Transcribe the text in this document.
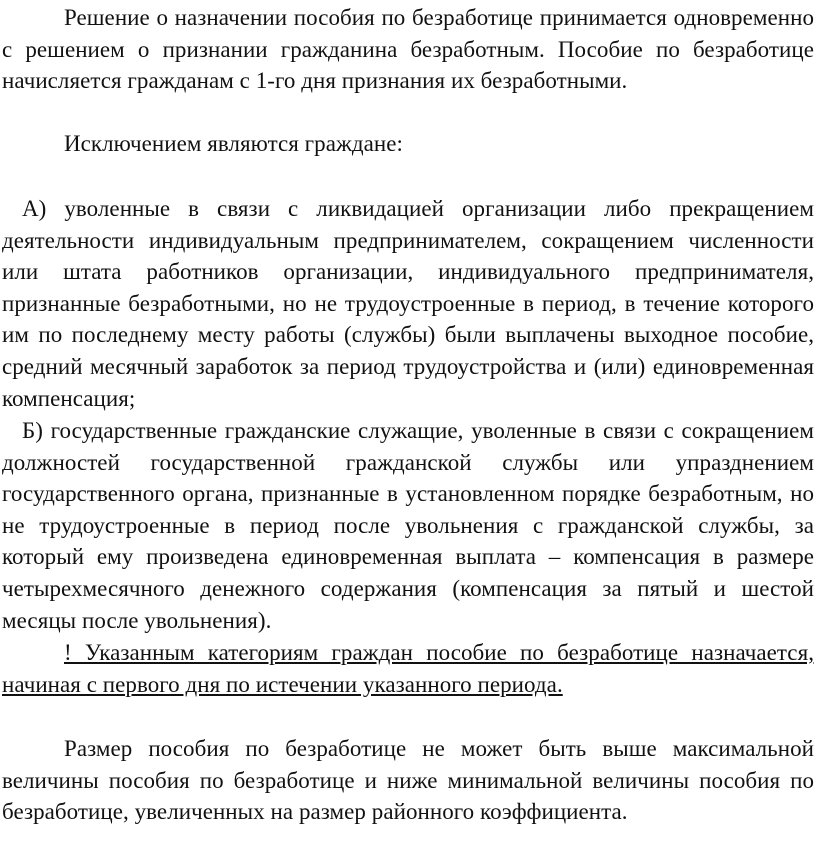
Решение о назначении пособия по безработице принимается одновременно с решением о признании гражданина безработным. Пособие по безработице начисляется гражданам с 1-го дня признания их безработными.

Исключением являются граждане:

А) уволенные в связи с ликвидацией организации либо прекращением деятельности индивидуальным предпринимателем, сокращением численности или штата работников организации, индивидуального предпринимателя, признанные безработными, но не трудоустроенные в период, в течение которого им по последнему месту работы (службы) были выплачены выходное пособие, средний месячный заработок за период трудоустройства и (или) единовременная компенсация;

Б) государственные гражданские служащие, уволенные в связи с сокращением должностей государственной гражданской службы или упразднением государственного органа, признанные в установленном порядке безработным, но не трудоустроенные в период после увольнения с гражданской службы, за который ему произведена единовременная выплата – компенсация в размере четырехмесячного денежного содержания (компенсация за пятый и шестой месяцы после увольнения).

! Указанным категориям граждан пособие по безработице назначается, начиная с первого дня по истечении указанного периода.

Размер пособия по безработице не может быть выше максимальной величины пособия по безработице и ниже минимальной величины пособия по безработице, увеличенных на размер районного коэффициента.
